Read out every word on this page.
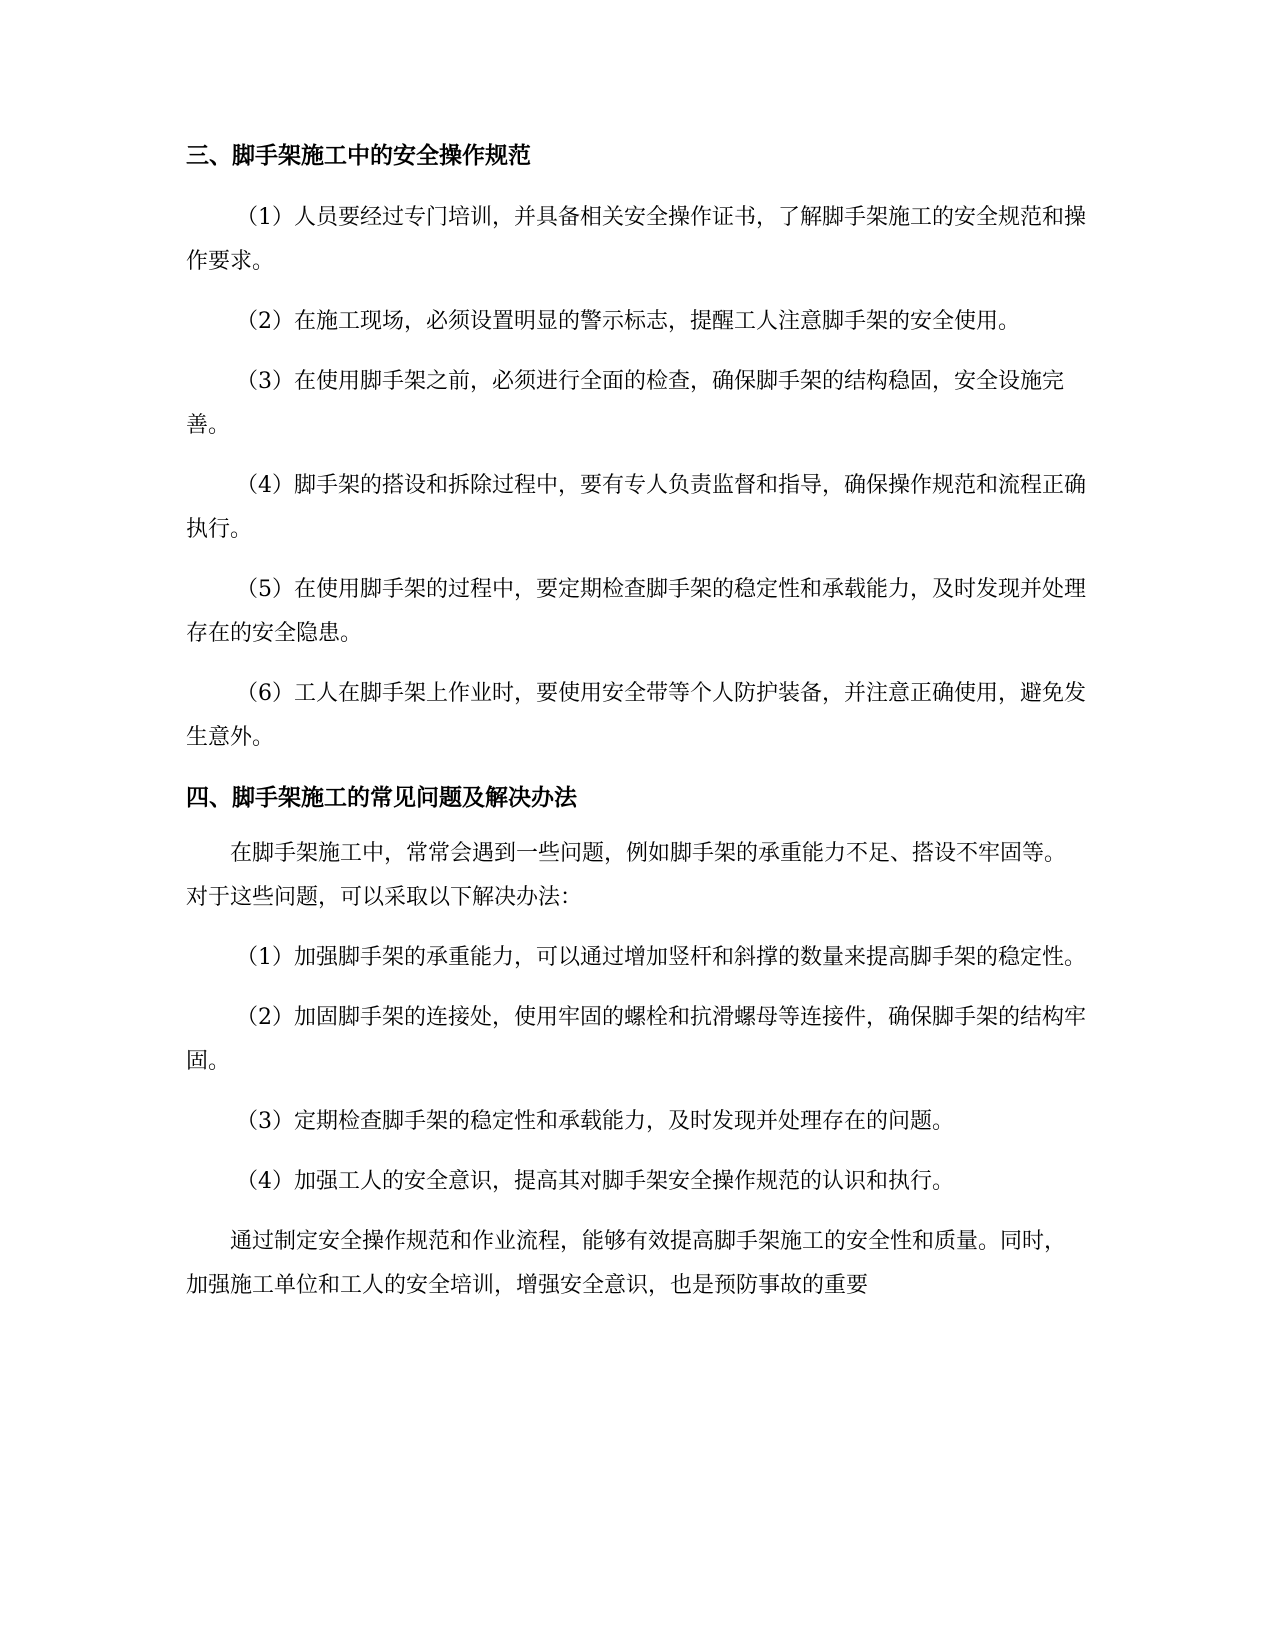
三、脚手架施工中的安全操作规范

（1）人员要经过专门培训，并具备相关安全操作证书，了解脚手架施工的安全规范和操作要求。

（2）在施工现场，必须设置明显的警示标志，提醒工人注意脚手架的安全使用。

（3）在使用脚手架之前，必须进行全面的检查，确保脚手架的结构稳固，安全设施完善。

（4）脚手架的搭设和拆除过程中，要有专人负责监督和指导，确保操作规范和流程正确执行。

（5）在使用脚手架的过程中，要定期检查脚手架的稳定性和承载能力，及时发现并处理存在的安全隐患。

（6）工人在脚手架上作业时，要使用安全带等个人防护装备，并注意正确使用，避免发生意外。

四、脚手架施工的常见问题及解决办法

在脚手架施工中，常常会遇到一些问题，例如脚手架的承重能力不足、搭设不牢固等。对于这些问题，可以采取以下解决办法：

（1）加强脚手架的承重能力，可以通过增加竖杆和斜撑的数量来提高脚手架的稳定性。

（2）加固脚手架的连接处，使用牢固的螺栓和抗滑螺母等连接件，确保脚手架的结构牢固。

（3）定期检查脚手架的稳定性和承载能力，及时发现并处理存在的问题。

（4）加强工人的安全意识，提高其对脚手架安全操作规范的认识和执行。

通过制定安全操作规范和作业流程，能够有效提高脚手架施工的安全性和质量。同时，加强施工单位和工人的安全培训，增强安全意识，也是预防事故的重要
